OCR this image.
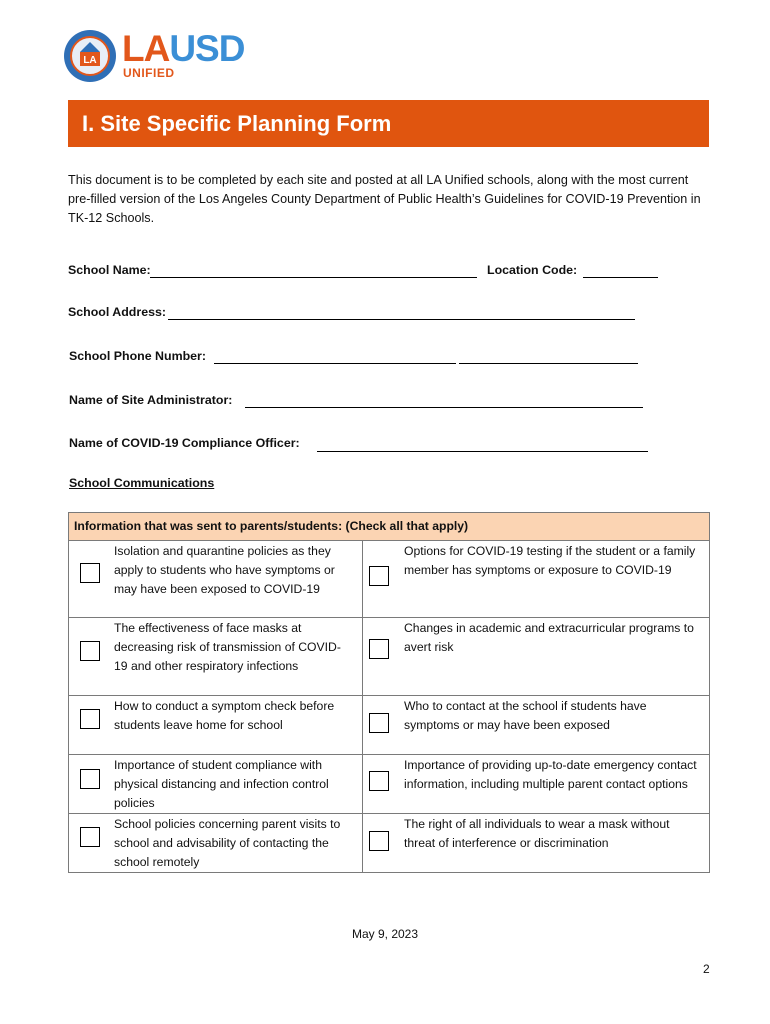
LA LAUSD
UNIFIED
I. Site Specific Planning Form

This document is to be completed by each site and posted at all LA Unified schools, along with the most current pre-filled version of the Los Angeles County Department of Public Health’s Guidelines for COVID-19 Prevention in TK-12 Schools.

School Name:	Location Code:
School Address:
School Phone Number:
Name of Site Administrator:
Name of COVID-19 Compliance Officer:
School Communications
Information that was sent to parents/students: (Check all that apply)	

Isolation and quarantine policies as they apply to students who have symptoms or may have been exposed to COVID-19	Options for COVID-19 testing if the student or a family member has symptoms or exposure to COVID-19

The effectiveness of face masks at decreasing risk of transmission of COVID-19 and other respiratory infections	Changes in academic and extracurricular programs to avert risk

How to conduct a symptom check before students leave home for school	Who to contact at the school if students have symptoms or may have been exposed

Importance of student compliance with physical distancing and infection control policies	Importance of providing up-to-date emergency contact information, including multiple parent contact options

School policies concerning parent visits to school and advisability of contacting the school remotely	The right of all individuals to wear a mask without threat of interference or discrimination
May 9, 2023
2
